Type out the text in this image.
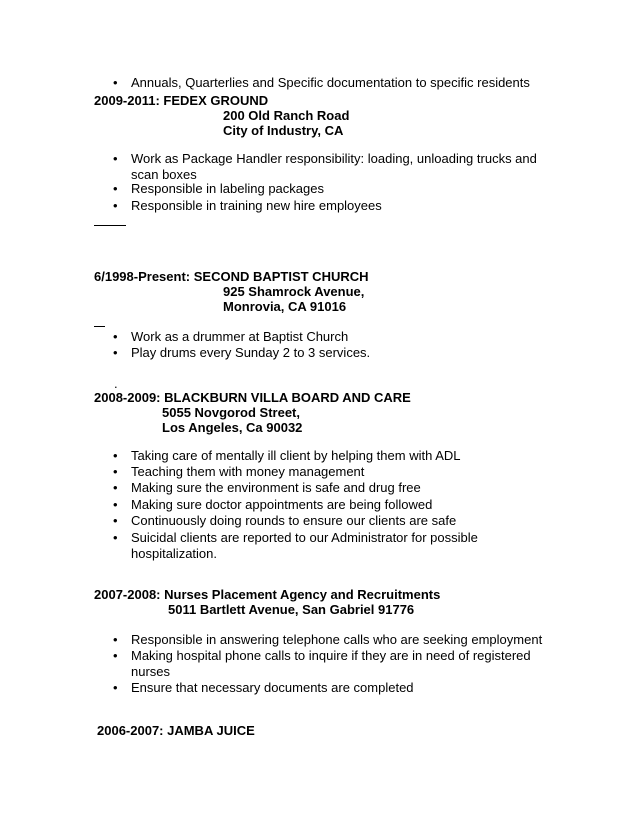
• Annuals, Quarterlies and Specific documentation to specific residents
2009-2011: FEDEX GROUND
200 Old Ranch Road
City of Industry, CA
• Work as Package Handler responsibility: loading, unloading trucks and
scan boxes
• Responsible in labeling packages
• Responsible in training new hire employees
6/1998-Present: SECOND BAPTIST CHURCH
925 Shamrock Avenue,
Monrovia, CA 91016
• Work as a drummer at Baptist Church
• Play drums every Sunday 2 to 3 services.
.
2008-2009: BLACKBURN VILLA BOARD AND CARE
5055 Novgorod Street,
Los Angeles, Ca 90032
• Taking care of mentally ill client by helping them with ADL
• Teaching them with money management
• Making sure the environment is safe and drug free
• Making sure doctor appointments are being followed
• Continuously doing rounds to ensure our clients are safe
• Suicidal clients are reported to our Administrator for possible
hospitalization.
2007-2008: Nurses Placement Agency and Recruitments
5011 Bartlett Avenue, San Gabriel 91776
• Responsible in answering telephone calls who are seeking employment
• Making hospital phone calls to inquire if they are in need of registered
nurses
• Ensure that necessary documents are completed
2006-2007: JAMBA JUICE
